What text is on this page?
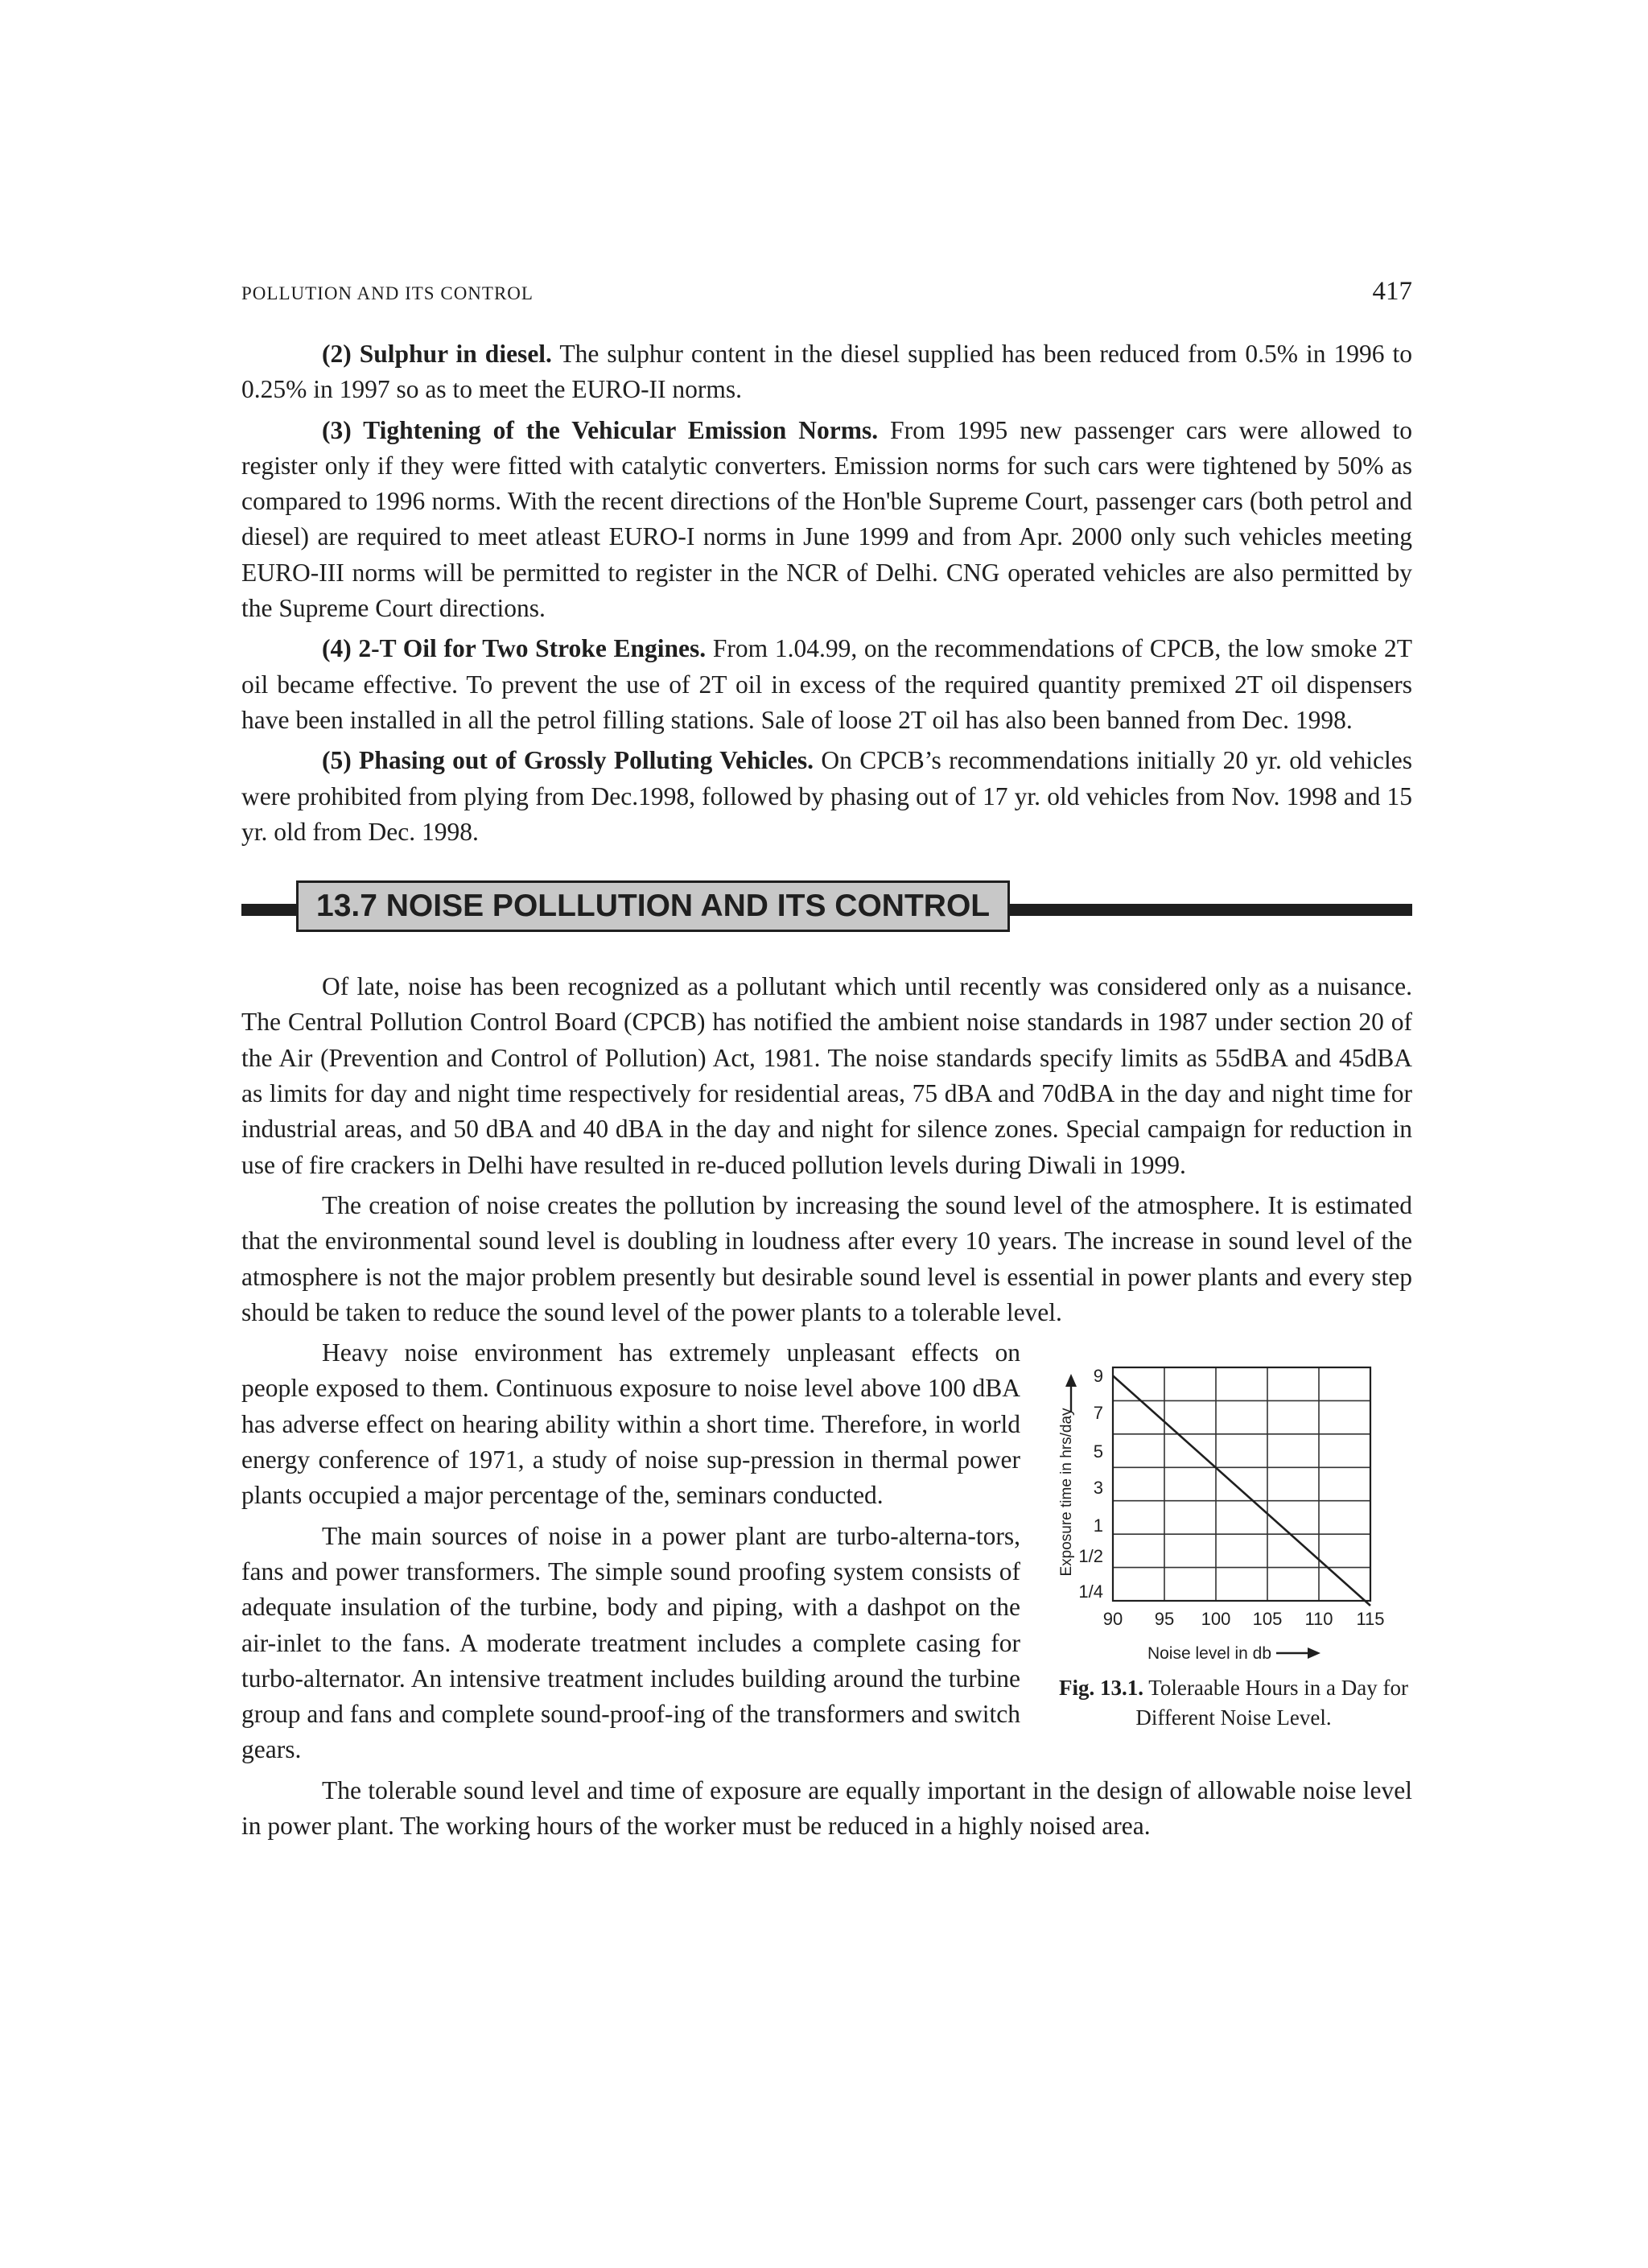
POLLUTION AND ITS CONTROL	417

(2) Sulphur in diesel. The sulphur content in the diesel supplied has been reduced from 0.5% in 1996 to 0.25% in 1997 so as to meet the EURO-II norms.

(3) Tightening of the Vehicular Emission Norms. From 1995 new passenger cars were allowed to register only if they were fitted with catalytic converters. Emission norms for such cars were tightened by 50% as compared to 1996 norms. With the recent directions of the Hon'ble Supreme Court, passenger cars (both petrol and diesel) are required to meet atleast EURO-I norms in June 1999 and from Apr. 2000 only such vehicles meeting EURO-III norms will be permitted to register in the NCR of Delhi. CNG operated vehicles are also permitted by the Supreme Court directions.

(4) 2-T Oil for Two Stroke Engines. From 1.04.99, on the recommendations of CPCB, the low smoke 2T oil became effective. To prevent the use of 2T oil in excess of the required quantity premixed 2T oil dispensers have been installed in all the petrol filling stations. Sale of loose 2T oil has also been banned from Dec. 1998.

(5) Phasing out of Grossly Polluting Vehicles. On CPCB’s recommendations initially 20 yr. old vehicles were prohibited from plying from Dec.1998, followed by phasing out of 17 yr. old vehicles from Nov. 1998 and 15 yr. old from Dec. 1998.

13.7 NOISE POLLLUTION AND ITS CONTROL

Of late, noise has been recognized as a pollutant which until recently was considered only as a nuisance. The Central Pollution Control Board (CPCB) has notified the ambient noise standards in 1987 under section 20 of the Air (Prevention and Control of Pollution) Act, 1981. The noise standards specify limits as 55dBA and 45dBA as limits for day and night time respectively for residential areas, 75 dBA and 70dBA in the day and night time for industrial areas, and 50 dBA and 40 dBA in the day and night for silence zones. Special campaign for reduction in use of fire crackers in Delhi have resulted in re-duced pollution levels during Diwali in 1999.

The creation of noise creates the pollution by increasing the sound level of the atmosphere. It is estimated that the environmental sound level is doubling in loudness after every 10 years. The increase in sound level of the atmosphere is not the major problem presently but desirable sound level is essential in power plants and every step should be taken to reduce the sound level of the power plants to a tolerable level.

Heavy noise environment has extremely unpleasant effects on people exposed to them. Continuous exposure to noise level above 100 dBA has adverse effect on hearing ability within a short time. Therefore, in world energy conference of 1971, a study of noise sup-pression in thermal power plants occupied a major percentage of the, seminars conducted.

The main sources of noise in a power plant are turbo-alterna-tors, fans and power transformers. The simple sound proofing system consists of adequate insulation of the turbine, body and piping, with a dashpot on the air-inlet to the fans. A moderate treatment includes a complete casing for turbo-alternator. An intensive treatment includes building around the turbine group and fans and complete sound-proof-ing of the transformers and switch gears.

90 95 100 105 110 115
1/4
1/2
1
3
5
7
9
Exposure time in hrs/day
Noise level in db
Fig. 13.1. Toleraable Hours in a Day for Different Noise Level.

The tolerable sound level and time of exposure are equally important in the design of allowable noise level in power plant. The working hours of the worker must be reduced in a highly noised area.
